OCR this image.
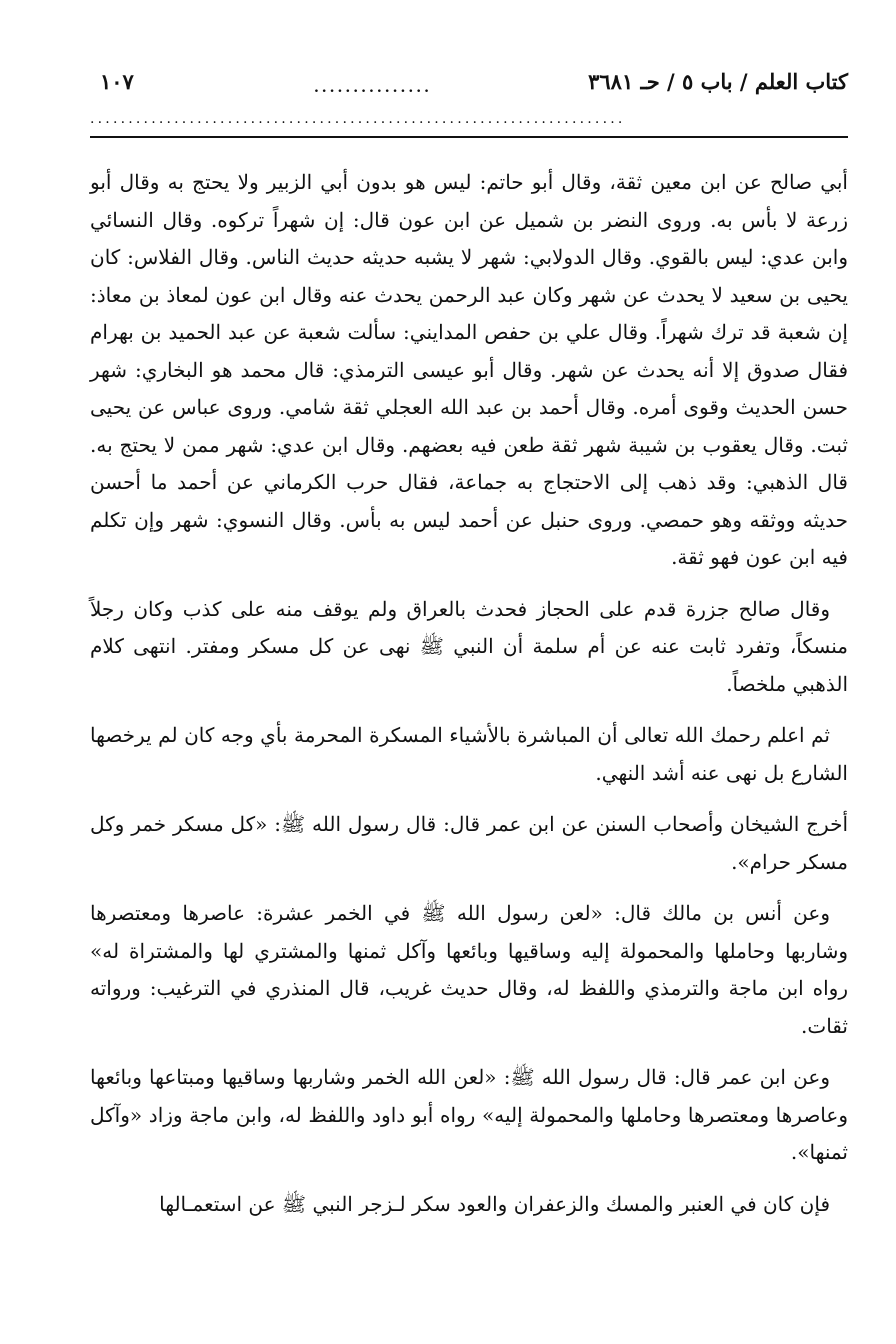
كتاب العلم / باب ٥ / حـ ٣٦٨١
...............
١٠٧
......................................................................

أبي صالح عن ابن معين ثقة، وقال أبو حاتم: ليس هو بدون أبي الزبير ولا يحتج به وقال أبو زرعة لا بأس به. وروى النضر بن شميل عن ابن عون قال: إن شهراً تركوه. وقال النسائي وابن عدي: ليس بالقوي. وقال الدولابي: شهر لا يشبه حديثه حديث الناس. وقال الفلاس: كان يحيى بن سعيد لا يحدث عن شهر وكان عبد الرحمن يحدث عنه وقال ابن عون لمعاذ بن معاذ: إن شعبة قد ترك شهراً. وقال علي بن حفص المدايني: سألت شعبة عن عبد الحميد بن بهرام فقال صدوق إلا أنه يحدث عن شهر. وقال أبو عيسى الترمذي: قال محمد هو البخاري: شهر حسن الحديث وقوى أمره. وقال أحمد بن عبد الله العجلي ثقة شامي. وروى عباس عن يحيى ثبت. وقال يعقوب بن شيبة شهر ثقة طعن فيه بعضهم. وقال ابن عدي: شهر ممن لا يحتج به. قال الذهبي: وقد ذهب إلى الاحتجاج به جماعة، فقال حرب الكرماني عن أحمد ما أحسن حديثه ووثقه وهو حمصي. وروى حنبل عن أحمد ليس به بأس. وقال النسوي: شهر وإن تكلم فيه ابن عون فهو ثقة.

وقال صالح جزرة قدم على الحجاز فحدث بالعراق ولم يوقف منه على كذب وكان رجلاً منسكاً، وتفرد ثابت عنه عن أم سلمة أن النبي ﷺ نهى عن كل مسكر ومفتر. انتهى كلام الذهبي ملخصاً.

ثم اعلم رحمك الله تعالى أن المباشرة بالأشياء المسكرة المحرمة بأي وجه كان لم يرخصها الشارع بل نهى عنه أشد النهي.

أخرج الشيخان وأصحاب السنن عن ابن عمر قال: قال رسول الله ﷺ: «كل مسكر خمر وكل مسكر حرام».

وعن أنس بن مالك قال: «لعن رسول الله ﷺ في الخمر عشرة: عاصرها ومعتصرها وشاربها وحاملها والمحمولة إليه وساقيها وبائعها وآكل ثمنها والمشتري لها والمشتراة له» رواه ابن ماجة والترمذي واللفظ له، وقال حديث غريب، قال المنذري في الترغيب: ورواته ثقات.

وعن ابن عمر قال: قال رسول الله ﷺ: «لعن الله الخمر وشاربها وساقيها ومبتاعها وبائعها وعاصرها ومعتصرها وحاملها والمحمولة إليه» رواه أبو داود واللفظ له، وابن ماجة وزاد «وآكل ثمنها».

فإن كان في العنبر والمسك والزعفران والعود سكر لـزجر النبي ﷺ عن استعمـالها
